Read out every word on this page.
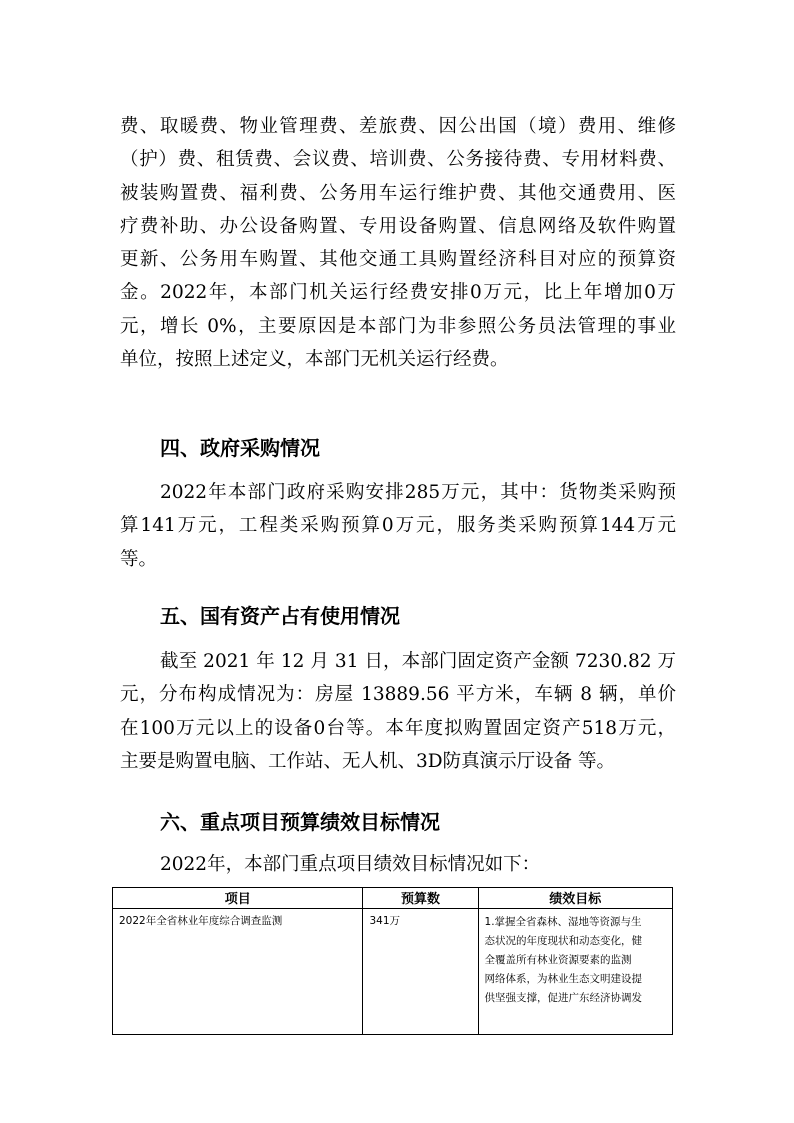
费、取暖费、物业管理费、差旅费、因公出国（境）费用、维修
（护）费、租赁费、会议费、培训费、公务接待费、专用材料费、
被装购置费、福利费、公务用车运行维护费、其他交通费用、医
疗费补助、办公设备购置、专用设备购置、信息网络及软件购置
更新、公务用车购置、其他交通工具购置经济科目对应的预算资
金。2022年，本部门机关运行经费安排0万元，比上年增加0万
元，增长 0%，主要原因是本部门为非参照公务员法管理的事业
单位，按照上述定义，本部门无机关运行经费。
四、政府采购情况
2022年本部门政府采购安排285万元，其中：货物类采购预
算141万元，工程类采购预算0万元，服务类采购预算144万元
等。
五、国有资产占有使用情况
截至 2021 年 12 月 31 日，本部门固定资产金额 7230.82 万
元，分布构成情况为：房屋 13889.56 平方米，车辆 8 辆，单价
在100万元以上的设备0台等。本年度拟购置固定资产518万元，
主要是购置电脑、工作站、无人机、3D防真演示厅设备 等。
六、重点项目预算绩效目标情况
2022年，本部门重点项目绩效目标情况如下：
项目	预算数	绩效目标
2022年全省林业年度综合调查监测	341万	1.掌握全省森林、湿地等资源与生
态状况的年度现状和动态变化，健
全覆盖所有林业资源要素的监测
网络体系，为林业生态文明建设提
供坚强支撑，促进广东经济协调发
